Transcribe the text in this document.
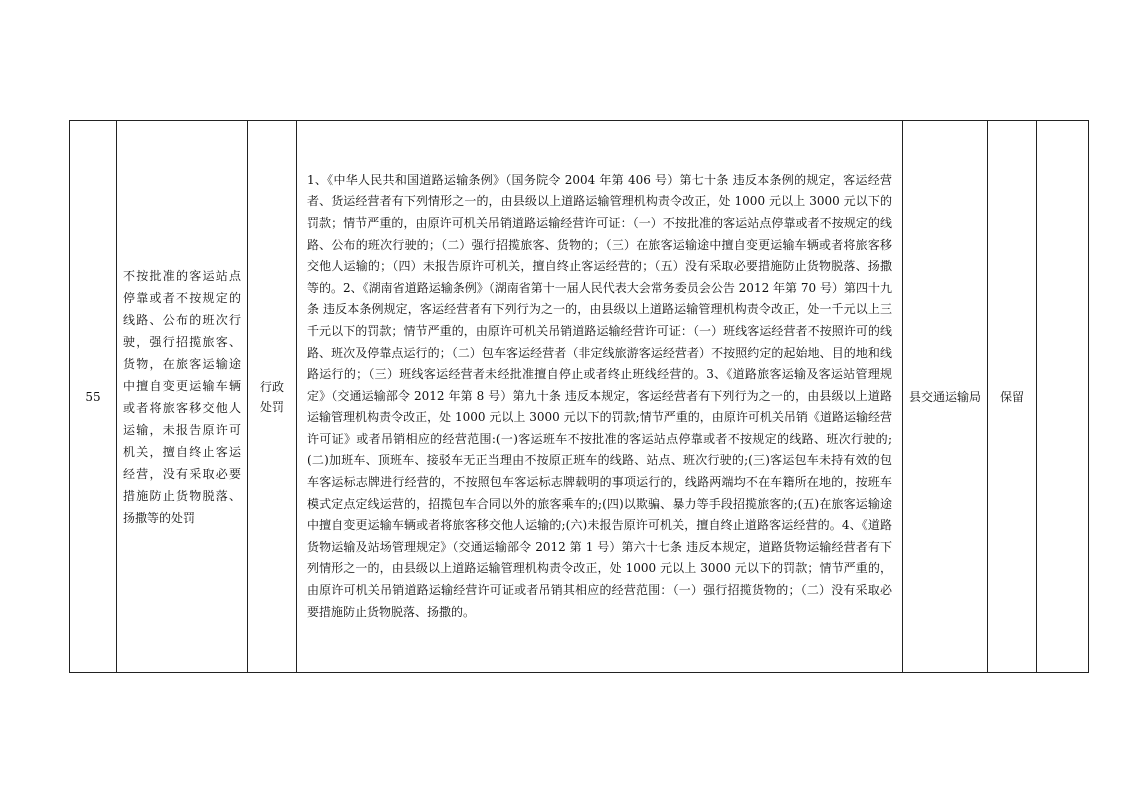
55	不按批准的客运站点停靠或者不按规定的线路、公布的班次行驶，强行招揽旅客、货物，在旅客运输途中擅自变更运输车辆或者将旅客移交他人运输，未报告原许可机关，擅自终止客运经营，没有采取必要措施防止货物脱落、扬撒等的处罚	行政处罚	1、《中华人民共和国道路运输条例》（国务院令 2004 年第 406 号）第七十条 违反本条例的规定，客运经营者、货运经营者有下列情形之一的，由县级以上道路运输管理机构责令改正，处 1000 元以上 3000 元以下的罚款；情节严重的，由原许可机关吊销道路运输经营许可证：（一）不按批准的客运站点停靠或者不按规定的线路、公布的班次行驶的；（二）强行招揽旅客、货物的；（三）在旅客运输途中擅自变更运输车辆或者将旅客移交他人运输的；（四）未报告原许可机关，擅自终止客运经营的；（五）没有采取必要措施防止货物脱落、扬撒等的。2、《湖南省道路运输条例》（湖南省第十一届人民代表大会常务委员会公告 2012 年第 70 号）第四十九条 违反本条例规定，客运经营者有下列行为之一的，由县级以上道路运输管理机构责令改正，处一千元以上三千元以下的罚款；情节严重的，由原许可机关吊销道路运输经营许可证：（一）班线客运经营者不按照许可的线路、班次及停靠点运行的；（二）包车客运经营者（非定线旅游客运经营者）不按照约定的起始地、目的地和线路运行的；（三）班线客运经营者未经批准擅自停止或者终止班线经营的。3、《道路旅客运输及客运站管理规定》（交通运输部令 2012 年第 8 号）第九十条 违反本规定，客运经营者有下列行为之一的，由县级以上道路运输管理机构责令改正，处 1000 元以上 3000 元以下的罚款;情节严重的，由原许可机关吊销《道路运输经营许可证》或者吊销相应的经营范围:(一)客运班车不按批准的客运站点停靠或者不按规定的线路、班次行驶的;(二)加班车、顶班车、接驳车无正当理由不按原正班车的线路、站点、班次行驶的;(三)客运包车未持有效的包车客运标志牌进行经营的，不按照包车客运标志牌载明的事项运行的，线路两端均不在车籍所在地的，按班车模式定点定线运营的，招揽包车合同以外的旅客乘车的;(四)以欺骗、暴力等手段招揽旅客的;(五)在旅客运输途中擅自变更运输车辆或者将旅客移交他人运输的;(六)未报告原许可机关，擅自终止道路客运经营的。4、《道路货物运输及站场管理规定》（交通运输部令 2012 第 1 号）第六十七条 违反本规定，道路货物运输经营者有下列情形之一的，由县级以上道路运输管理机构责令改正，处 1000 元以上 3000 元以下的罚款；情节严重的，由原许可机关吊销道路运输经营许可证或者吊销其相应的经营范围：（一）强行招揽货物的；（二）没有采取必要措施防止货物脱落、扬撒的。	县交通运输局	保留	
